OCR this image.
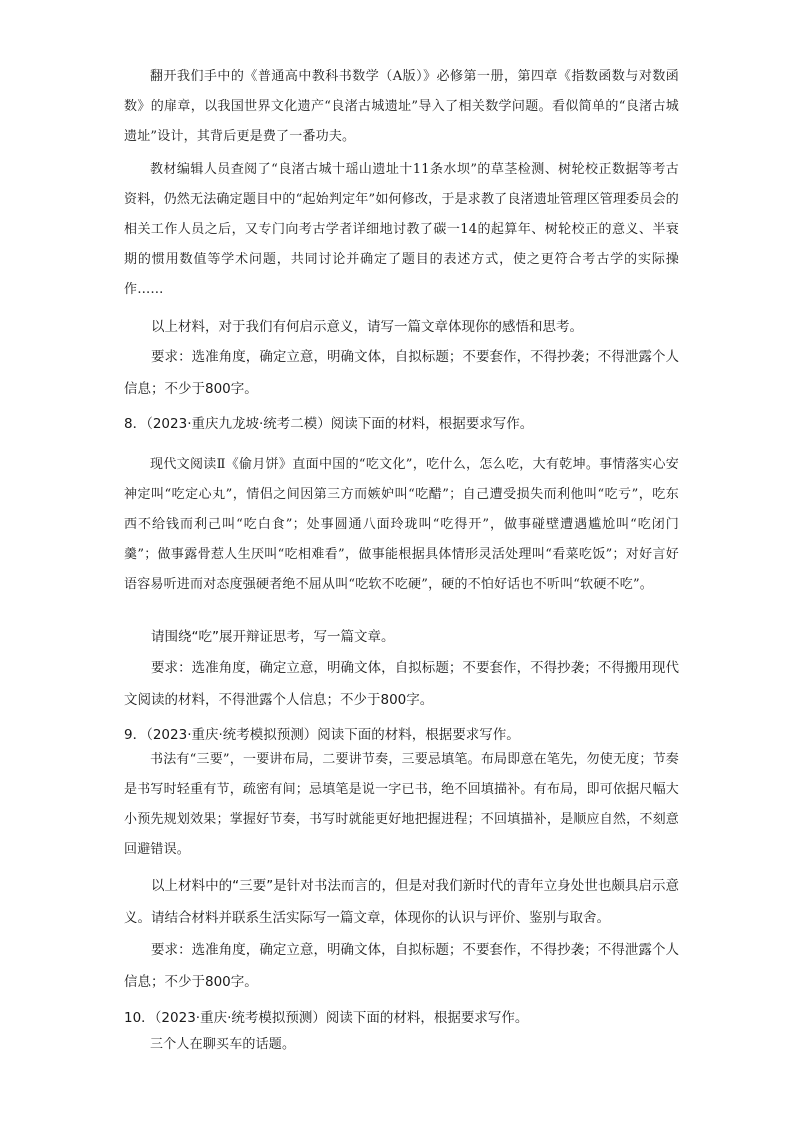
翻开我们手中的《普通高中教科书数学（A版）》必修第一册，第四章《指数函数与对数函数》的扉章，以我国世界文化遗产“良渚古城遗址”导入了相关数学问题。看似简单的“良渚古城遗址”设计，其背后更是费了一番功夫。

教材编辑人员查阅了“良渚古城十瑶山遗址十11条水坝”的草茎检测、树轮校正数据等考古资料，仍然无法确定题目中的“起始判定年”如何修改，于是求教了良渚遗址管理区管理委员会的相关工作人员之后，又专门向考古学者详细地讨教了碳一14的起算年、树轮校正的意义、半衰期的惯用数值等学术问题，共同讨论并确定了题目的表述方式，使之更符合考古学的实际操作……

以上材料，对于我们有何启示意义，请写一篇文章体现你的感悟和思考。

要求：选准角度，确定立意，明确文体，自拟标题；不要套作，不得抄袭；不得泄露个人信息；不少于800字。

8．（2023·重庆九龙坡·统考二模）阅读下面的材料，根据要求写作。

现代文阅读Ⅱ《偷月饼》直面中国的“吃文化”，吃什么，怎么吃，大有乾坤。事情落实心安神定叫“吃定心丸”，情侣之间因第三方而嫉妒叫“吃醋”；自己遭受损失而利他叫“吃亏”，吃东西不给钱而利己叫“吃白食”；处事圆通八面玲珑叫“吃得开”，做事碰壁遭遇尴尬叫“吃闭门羹”；做事露骨惹人生厌叫“吃相难看”，做事能根据具体情形灵活处理叫“看菜吃饭”；对好言好语容易听进而对态度强硬者绝不屈从叫“吃软不吃硬”，硬的不怕好话也不听叫“软硬不吃”。

请围绕“吃”展开辩证思考，写一篇文章。

要求：选准角度，确定立意，明确文体，自拟标题；不要套作，不得抄袭；不得搬用现代文阅读的材料，不得泄露个人信息；不少于800字。

9．（2023·重庆·统考模拟预测）阅读下面的材料，根据要求写作。

书法有“三要”，一要讲布局，二要讲节奏，三要忌填笔。布局即意在笔先，勿使无度；节奏是书写时轻重有节，疏密有间；忌填笔是说一字已书，绝不回填描补。有布局，即可依据尺幅大小预先规划效果；掌握好节奏，书写时就能更好地把握进程；不回填描补，是顺应自然，不刻意回避错误。

以上材料中的“三要”是针对书法而言的，但是对我们新时代的青年立身处世也颇具启示意义。请结合材料并联系生活实际写一篇文章，体现你的认识与评价、鉴别与取舍。

要求：选准角度，确定立意，明确文体，自拟标题；不要套作，不得抄袭；不得泄露个人信息；不少于800字。

10．（2023·重庆·统考模拟预测）阅读下面的材料，根据要求写作。

三个人在聊买车的话题。
